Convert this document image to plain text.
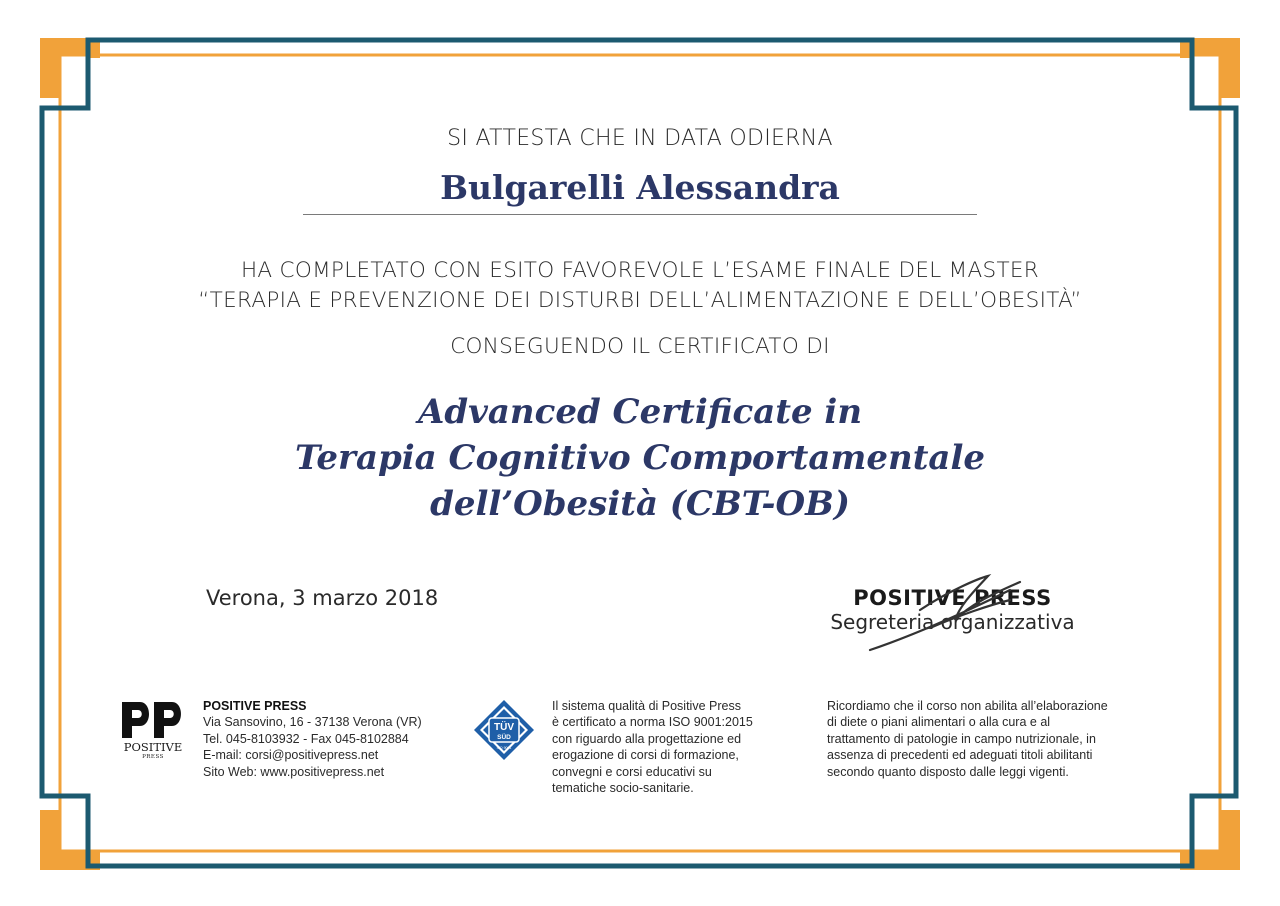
SI ATTESTA CHE IN DATA ODIERNA
Bulgarelli Alessandra
HA COMPLETATO CON ESITO FAVOREVOLE L’ESAME FINALE DEL MASTER
“TERAPIA E PREVENZIONE DEI DISTURBI DELL’ALIMENTAZIONE E DELL’OBESITÀ”
CONSEGUENDO IL CERTIFICATO DI
Advanced Certificate in
Terapia Cognitivo Comportamentale
dell’Obesità (CBT-OB)
Verona, 3 marzo 2018	POSITIVE PRESS
Segreteria organizzativa
POSITIVE
PRESS
POSITIVE PRESS
Via Sansovino, 16 - 37138 Verona (VR)
Tel. 045-8103932 - Fax 045-8102884
E-mail: corsi@positivepress.net
Sito Web: www.positivepress.net
TÜV
SÜD
ISO 9001
Il sistema qualità di Positive Press
è certificato a norma ISO 9001:2015
con riguardo alla progettazione ed
erogazione di corsi di formazione,
convegni e corsi educativi su
tematiche socio-sanitarie.
Ricordiamo che il corso non abilita all’elaborazione
di diete o piani alimentari o alla cura e al
trattamento di patologie in campo nutrizionale, in
assenza di precedenti ed adeguati titoli abilitanti
secondo quanto disposto dalle leggi vigenti.
